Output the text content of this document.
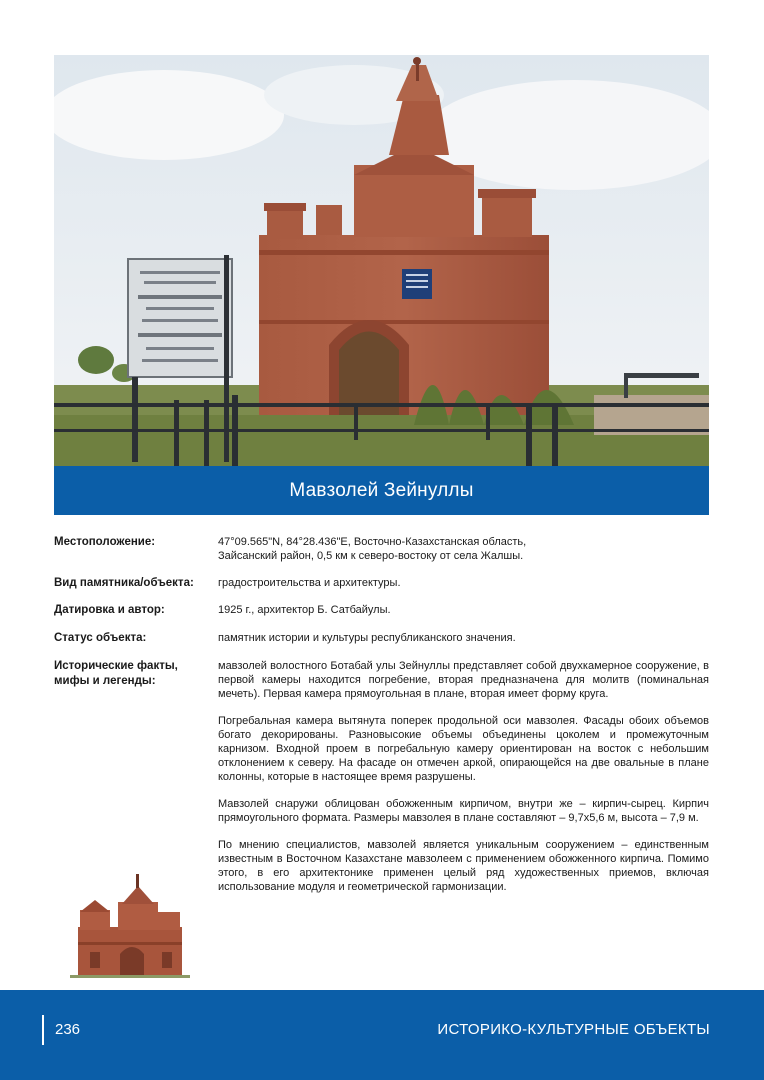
Мавзолей Зейнуллы
Местоположение:	47°09.565"N, 84°28.436"E, Восточно-Казахстанская область,
Зайсанский район, 0,5 км к северо-востоку от села Жалшы.
Вид памятника/объекта: градостроительства и архитектуры.
Датировка и автор:	1925 г., архитектор Б. Сатбайулы.
Статус объекта:	памятник истории и культуры республиканского значения.
Исторические факты,
мифы и легенды:

мавзолей волостного Ботабай улы Зейнуллы представляет собой двухкамерное сооружение, в первой камеры находится погребение, вторая предназначена для молитв (поминальная мечеть). Первая камера прямоугольная в плане, вторая имеет форму круга.

Погребальная камера вытянута поперек продольной оси мавзолея. Фасады обоих объемов богато декорированы. Разновысокие объемы объединены цоколем и промежуточным карнизом. Входной проем в погребальную камеру ориентирован на восток с небольшим отклонением к северу. На фасаде он отмечен аркой, опирающейся на две овальные в плане колонны, которые в настоящее время разрушены.

Мавзолей снаружи облицован обожженным кирпичом, внутри же – кирпич-сырец. Кирпич прямоугольного формата. Размеры мавзолея в плане составляют – 9,7х5,6 м, высота – 7,9 м.

По мнению специалистов, мавзолей является уникальным сооружением – единственным известным в Восточном Казахстане мавзолеем с применением обожженного кирпича. Помимо этого, в его архитектонике применен целый ряд художественных приемов, включая использование модуля и геометрической гармонизации.

236	ИСТОРИКО-КУЛЬТУРНЫЕ ОБЪЕКТЫ
